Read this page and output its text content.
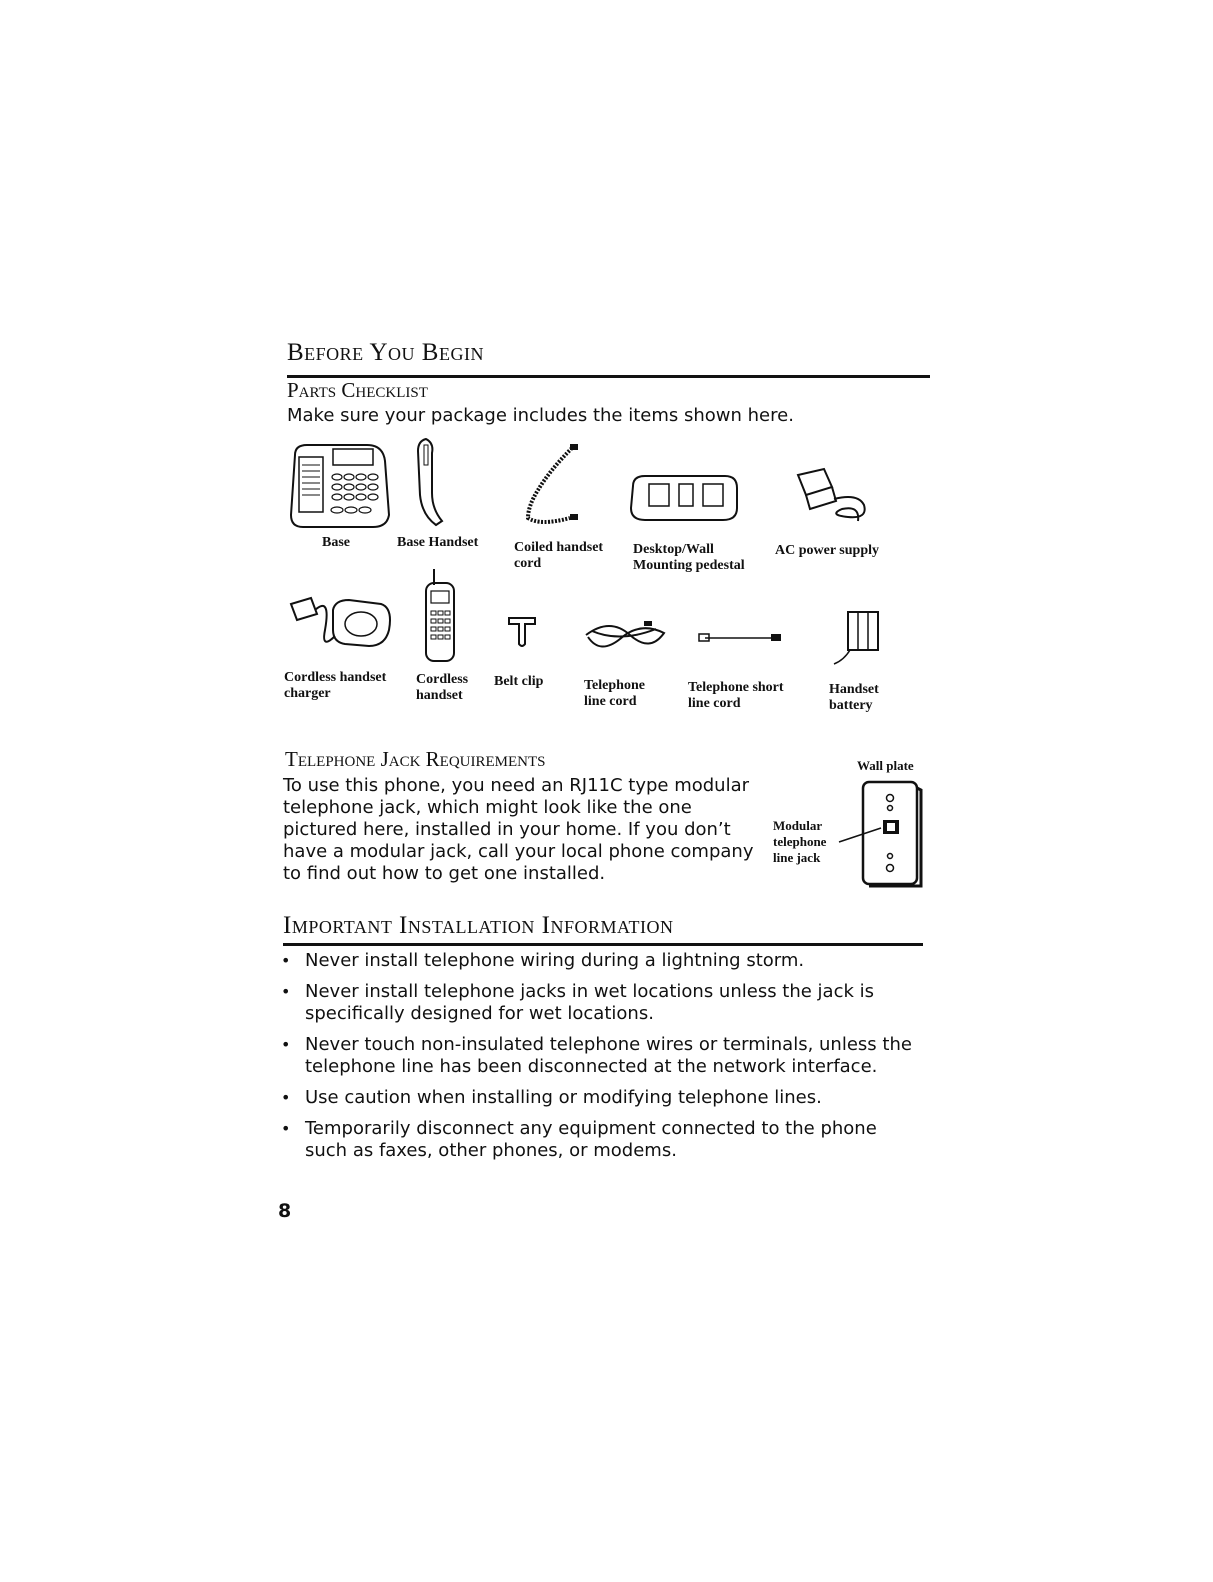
Before You Begin
Parts Checklist
Make sure your package includes the items shown here.
Base	Base Handset	Coiled handset
cord
Desktop/Wall
Mounting pedestal
AC power supply
Cordless handset
charger
Cordless
handset
Belt clip	Telephone
line cord
Telephone short
line cord
Handset
battery
Telephone Jack Requirements
To use this phone, you need an RJ11C type modular telephone jack, which might look like the one pictured here, installed in your home. If you don’t have a modular jack, call your local phone company to find out how to get one installed.
Wall plate
Modular
telephone
line jack
Important Installation Information
• Never install telephone wiring during a lightning storm.
• Never install telephone jacks in wet locations unless the jack is specifically designed for wet locations.
• Never touch non-insulated telephone wires or terminals, unless the telephone line has been disconnected at the network interface.
• Use caution when installing or modifying telephone lines.
• Temporarily disconnect any equipment connected to the phone such as faxes, other phones, or modems.
8
